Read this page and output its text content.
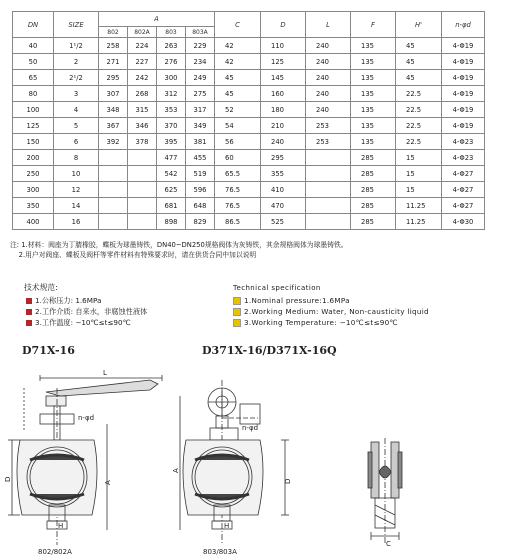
DN	SIZE	A				C	D	L	F	H'	n-φd
		802	802A	803	803A						
40	1¹/2	258	224	263	229	42	110	240	135	45	4-Φ19
50	2	271	227	276	234	42	125	240	135	45	4-Φ19
65	2¹/2	295	242	300	249	45	145	240	135	45	4-Φ19
80	3	307	268	312	275	45	160	240	135	22.5	4-Φ19
100	4	348	315	353	317	52	180	240	135	22.5	4-Φ19
125	5	367	346	370	349	54	210	253	135	22.5	4-Φ19
150	6	392	378	395	381	56	240	253	135	22.5	4-Φ23
200	8			477	455	60	295		285	15	4-Φ23
250	10			542	519	65.5	355		285	15	4-Φ27
300	12			625	596	76.5	410		285	15	4-Φ27
350	14			681	648	76.5	470		285	11.25	4-Φ27
400	16			898	829	86.5	525		285	11.25	4-Φ30
注: 1.材料：阀座为丁腈橡胶，蝶板为球墨铸铁，DN40~DN250规格阀体为灰铸铁，其余规格阀体为球墨铸铁。
2.用户对阀座、蝶板及阀杆等零件材料有特殊要求时，请在供货合同中加以说明
技术规范:	Technical specification
1.公称压力: 1.6MPa
2.工作介质: 自来水，非腐蚀性液体
3.工作温度: −10℃≤t≤90℃
1.Nominal pressure:1.6MPa
2.Working Medium: Water, Non-causticity liquid
3.Working Temperature: −10℃≤t≤90℃
D71X-16	D371X-16/D371X-16Q
L
n-φd
A
D
H
n-φd
A
D
H
C
802/802A	803/803A
